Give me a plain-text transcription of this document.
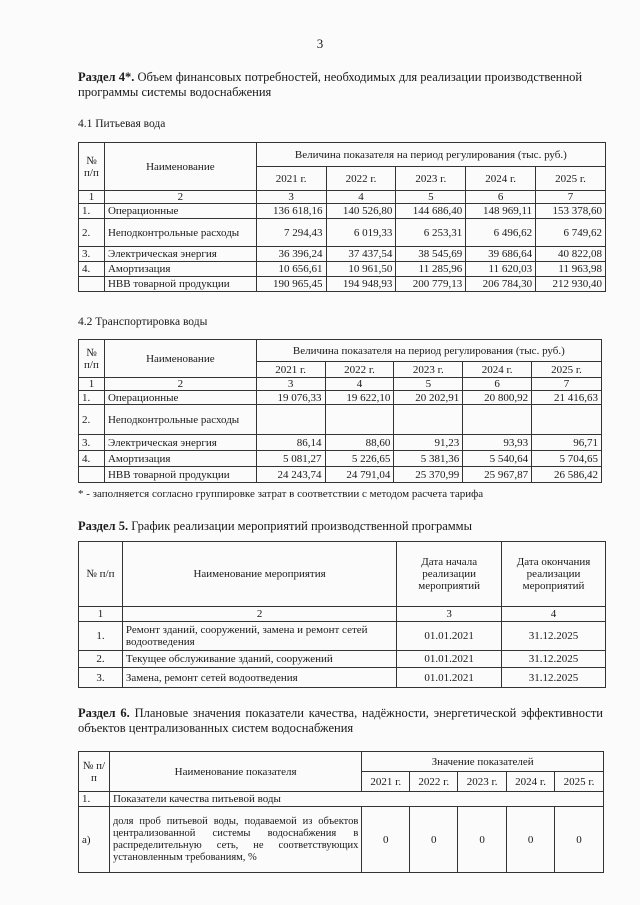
3
Раздел 4*. Объем финансовых потребностей, необходимых для реализации производственной программы системы водоснабжения
4.1 Питьевая вода
№ п/п	Наименование	Величина показателя на период регулирования (тыс. руб.)				
		2021 г.	2022 г.	2023 г.	2024 г.	2025 г.
1	2	3	4	5	6	7
1.	Операционные	136 618,16	140 526,80	144 686,40	148 969,11	153 378,60
2.	Неподконтрольные расходы	7 294,43	6 019,33	6 253,31	6 496,62	6 749,62
3.	Электрическая энергия	36 396,24	37 437,54	38 545,69	39 686,64	40 822,08
4.	Амортизация	10 656,61	10 961,50	11 285,96	11 620,03	11 963,98
	НВВ товарной продукции	190 965,45	194 948,93	200 779,13	206 784,30	212 930,40
4.2 Транспортировка воды
№ п/п	Наименование	Величина показателя на период регулирования (тыс. руб.)				
		2021 г.	2022 г.	2023 г.	2024 г.	2025 г.
1	2	3	4	5	6	7
1.	Операционные	19 076,33	19 622,10	20 202,91	20 800,92	21 416,63
2.	Неподконтрольные расходы					
3.	Электрическая энергия	86,14	88,60	91,23	93,93	96,71
4.	Амортизация	5 081,27	5 226,65	5 381,36	5 540,64	5 704,65
	НВВ товарной продукции	24 243,74	24 791,04	25 370,99	25 967,87	26 586,42
* - заполняется согласно группировке затрат в соответствии с методом расчета тарифа
Раздел 5. График реализации мероприятий производственной программы
№ п/п	Наименование мероприятия	Дата начала реализации мероприятий	Дата окончания реализации мероприятий
1	2	3	4
1.	Ремонт зданий, сооружений, замена и ремонт сетей водоотведения	01.01.2021	31.12.2025
2.	Текущее обслуживание зданий, сооружений	01.01.2021	31.12.2025
3.	Замена, ремонт сетей водоотведения	01.01.2021	31.12.2025
Раздел 6. Плановые значения показатели качества, надёжности, энергетической эффективности объектов централизованных систем водоснабжения
№ п/п	Наименование показателя	Значение показателей				
		2021 г.	2022 г.	2023 г.	2024 г.	2025 г.
1.	Показатели качества питьевой воды					
а)	доля проб питьевой воды, подаваемой из объектов централизованной системы водоснабжения в распределительную сеть, не соответствующих установленным требованиям, %	0	0	0	0	0
